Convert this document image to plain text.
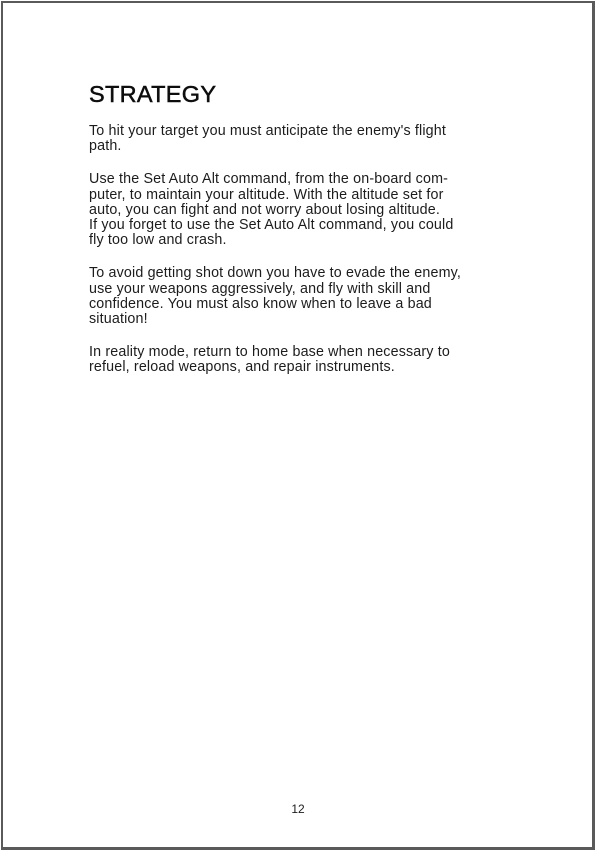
STRATEGY

To hit your target you must anticipate the enemy's flight
path.

Use the Set Auto Alt command, from the on-board com-
puter, to maintain your altitude. With the altitude set for
auto, you can fight and not worry about losing altitude.
If you forget to use the Set Auto Alt command, you could
fly too low and crash.

To avoid getting shot down you have to evade the enemy,
use your weapons aggressively, and fly with skill and
confidence. You must also know when to leave a bad
situation!

In reality mode, return to home base when necessary to
refuel, reload weapons, and repair instruments.

12
